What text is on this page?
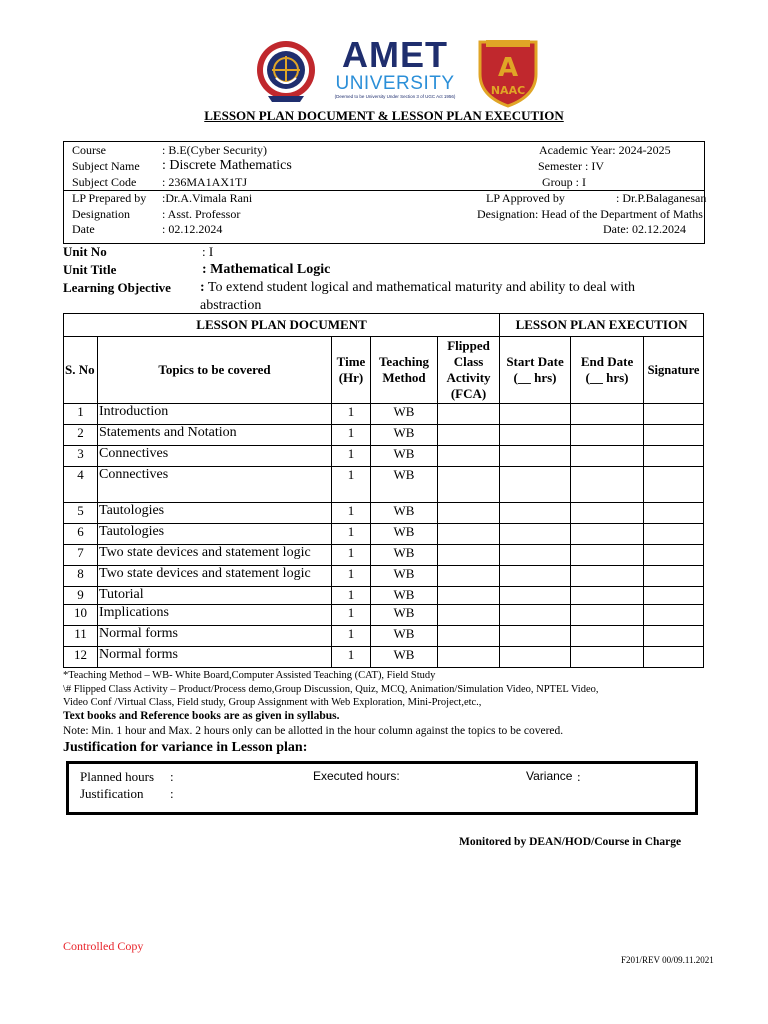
AMET
UNIVERSITY
(Deemed to be University Under Section 3 of UGC Act 1956)
A
NAAC
LESSON PLAN DOCUMENT & LESSON PLAN EXECUTION
Course	: B.E(Cyber Security)
Subject Name : Discrete Mathematics
Subject Code : 236MA1AX1TJ
Academic Year: 2024-2025
Semester : IV
Group : I
LP Prepared by :Dr.A.Vimala Rani
Designation	: Asst. Professor
Date	: 02.12.2024
LP Approved by	: Dr.P.Balaganesan
Designation: Head of the Department of Maths
Date: 02.12.2024
Unit No	: I
Unit Title	: Mathematical Logic
Learning Objective : To extend student logical and mathematical maturity and ability to deal with
abstraction
LESSON PLAN DOCUMENT					LESSON PLAN EXECUTION		
S. No	Topics to be covered	Time (Hr)	Teaching Method	Flipped Class Activity (FCA)	Start Date (__ hrs)	End Date (__ hrs)	Signature
1	Introduction	1	WB				
2	Statements and Notation	1	WB				
3	Connectives	1	WB				
4	Connectives	1	WB				
5	Tautologies	1	WB				
6	Tautologies	1	WB				
7	Two state devices and statement logic	1	WB				
8	Two state devices and statement logic	1	WB				
9	Tutorial	1	WB				
10	Implications	1	WB				
11	Normal forms	1	WB				
12	Normal forms	1	WB				
*Teaching Method – WB- White Board,Computer Assisted Teaching (CAT), Field Study
\# Flipped Class Activity – Product/Process demo,Group Discussion, Quiz, MCQ, Animation/Simulation Video, NPTEL Video,
Video Conf /Virtual Class, Field study, Group Assignment with Web Exploration, Mini-Project,etc.,
Text books and Reference books are as given in syllabus.
Note: Min. 1 hour and Max. 2 hours only can be allotted in the hour column against the topics to be covered.
Justification for variance in Lesson plan:
Planned hours :	Executed hours:	Variance :
Justification :
Monitored by DEAN/HOD/Course in Charge
Controlled Copy
F201/REV 00/09.11.2021
